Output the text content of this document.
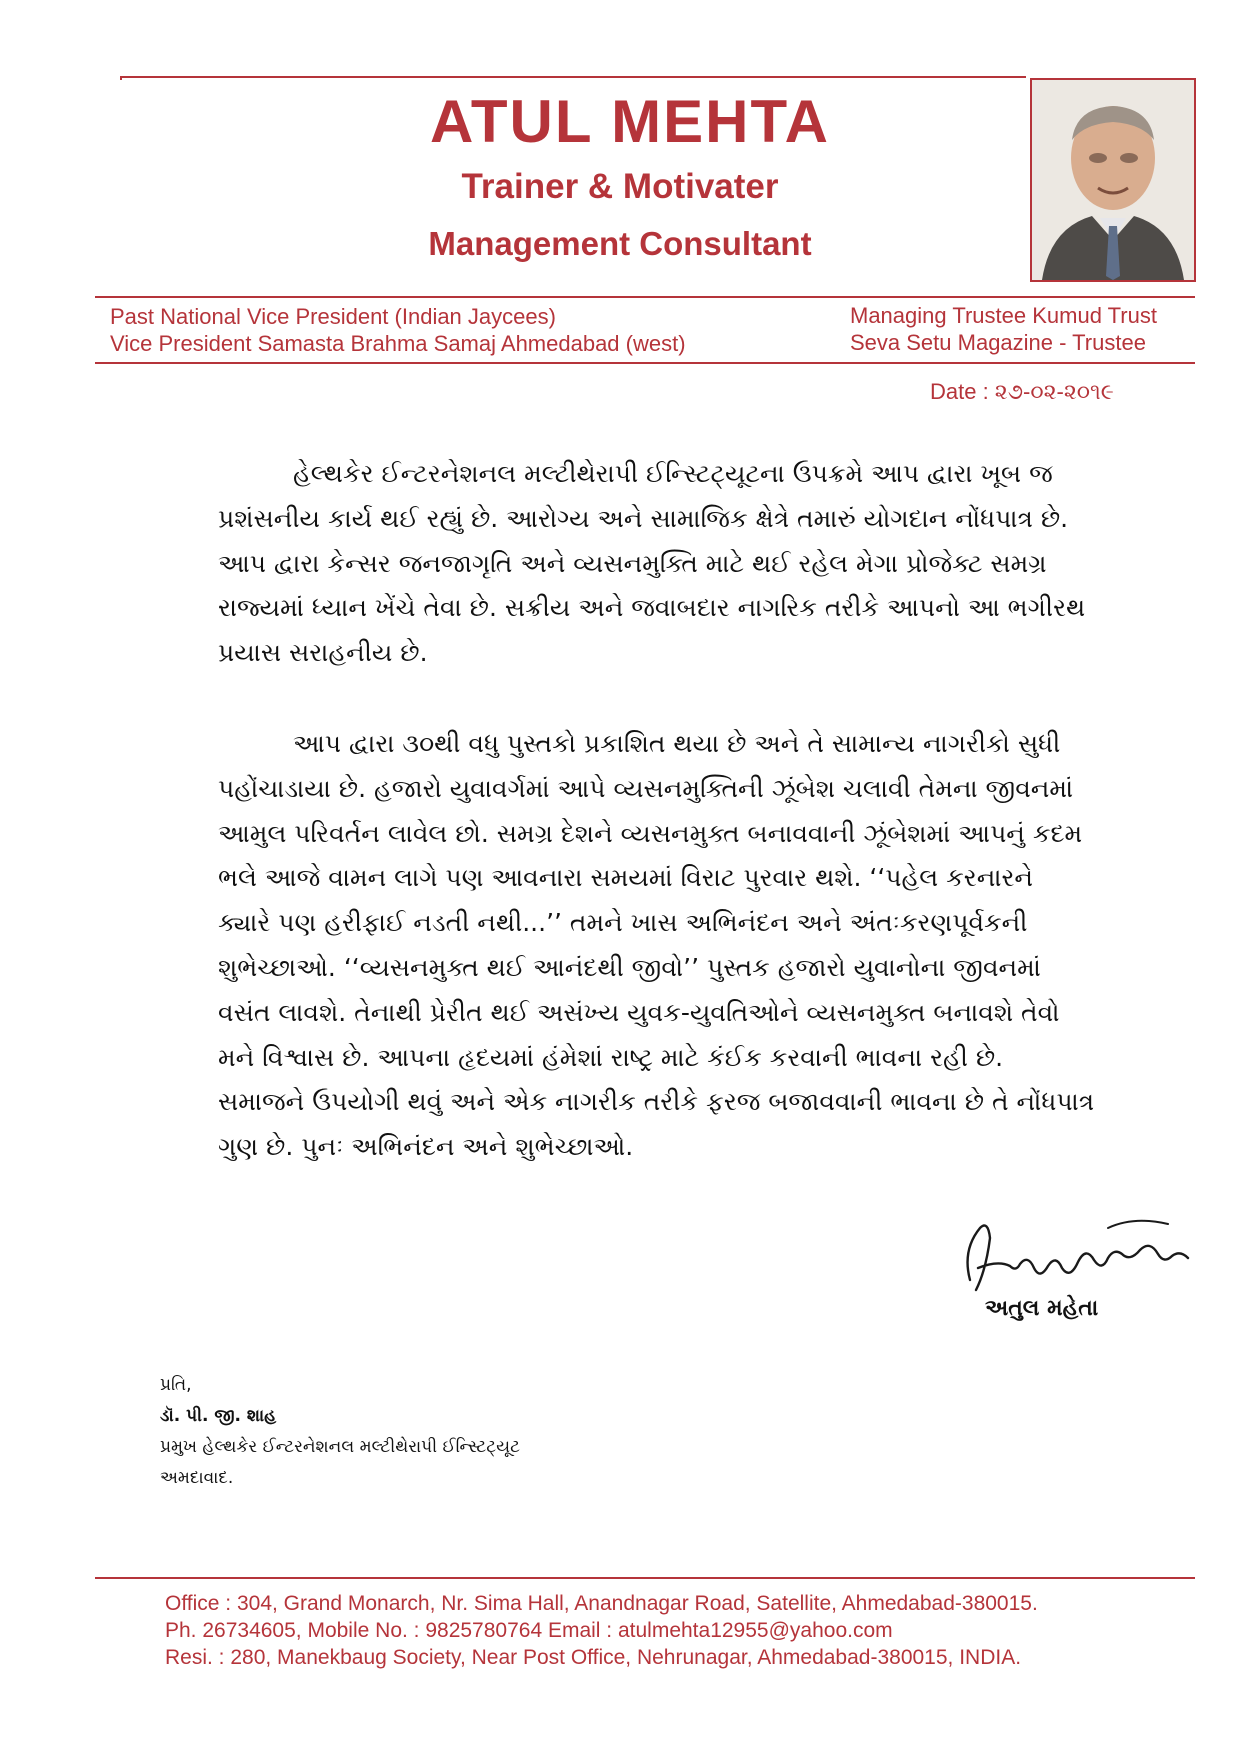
ATUL MEHTA
Trainer & Motivater
Management Consultant
Past National Vice President (Indian Jaycees)
Vice President Samasta Brahma Samaj Ahmedabad (west)
Managing Trustee Kumud Trust
Seva Setu Magazine - Trustee
Date : ૨૭-૦૨-૨૦૧૯
હેલ્થકેર ઈન્ટરનેશનલ મલ્ટીથેરાપી ઈન્સ્ટિટ્યૂટના ઉપક્રમે આપ દ્વારા ખૂબ જ
પ્રશંસનીય કાર્ય થઈ રહ્યું છે. આરોગ્ય અને સામાજિક ક્ષેત્રે તમારું યોગદાન નોંધપાત્ર છે.
આપ દ્વારા કેન્સર જનજાગૃતિ અને વ્યસનમુક્તિ માટે થઈ રહેલ મેગા પ્રોજેક્ટ સમગ્ર
રાજ્યમાં ધ્યાન ખેંચે તેવા છે. સક્રીય અને જવાબદાર નાગરિક તરીકે આપનો આ ભગીરથ
પ્રયાસ સરાહનીય છે.
આપ દ્વારા ૩૦થી વધુ પુસ્તકો પ્રકાશિત થયા છે અને તે સામાન્ય નાગરીકો સુધી
પહોંચાડાયા છે. હજારો યુવાવર્ગમાં આપે વ્યસનમુક્તિની ઝૂંબેશ ચલાવી તેમના જીવનમાં
આમુલ પરિવર્તન લાવેલ છો. સમગ્ર દેશને વ્યસનમુક્ત બનાવવાની ઝૂંબેશમાં આપનું કદમ
ભલે આજે વામન લાગે પણ આવનારા સમયમાં વિરાટ પુરવાર થશે. ‘‘પહેલ કરનારને
ક્યારે પણ હરીફાઈ નડતી નથી...’’ તમને ખાસ અભિનંદન અને અંતઃકરણપૂર્વકની
શુભેચ્છાઓ. ‘‘વ્યસનમુક્ત થઈ આનંદથી જીવો’’ પુસ્તક હજારો યુવાનોના જીવનમાં
વસંત લાવશે. તેનાથી પ્રેરીત થઈ અસંખ્ય યુવક-યુવતિઓને વ્યસનમુક્ત બનાવશે તેવો
મને વિશ્વાસ છે. આપના હૃદયમાં હંમેશાં રાષ્ટ્ર માટે કંઈક કરવાની ભાવના રહી છે.
સમાજને ઉપયોગી થવું અને એક નાગરીક તરીકે ફરજ બજાવવાની ભાવના છે તે નોંધપાત્ર
ગુણ છે. પુનઃ અભિનંદન અને શુભેચ્છાઓ.
અતુલ મહેતા
પ્રતિ,
ડૉ. પી. જી. શાહ
પ્રમુખ હેલ્થકેર ઈન્ટરનેશનલ મલ્ટીથેરાપી ઈન્સ્ટિટ્યૂટ
અમદાવાદ.
Office : 304, Grand Monarch, Nr. Sima Hall, Anandnagar Road, Satellite, Ahmedabad-380015.
Ph. 26734605, Mobile No. : 9825780764 Email : atulmehta12955@yahoo.com
Resi. : 280, Manekbaug Society, Near Post Office, Nehrunagar, Ahmedabad-380015, INDIA.
